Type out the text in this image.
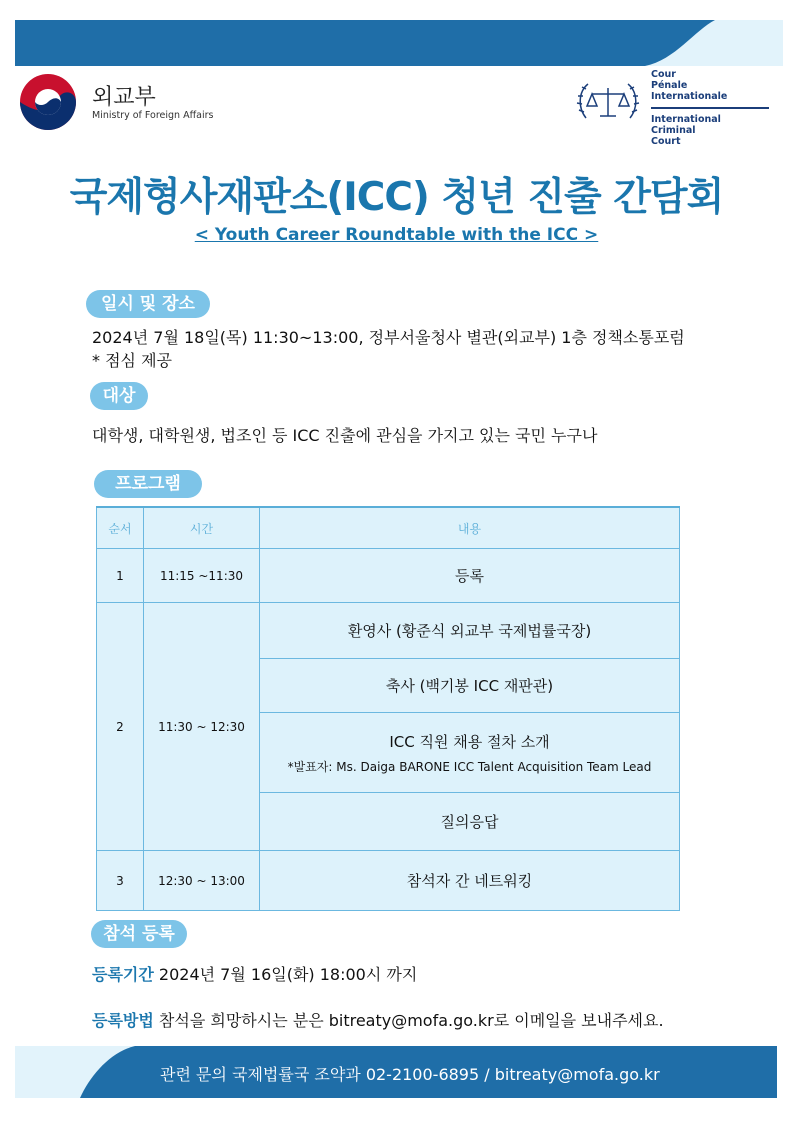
외교부
Ministry of Foreign Affairs
Cour
Pénale
Internationale
International
Criminal
Court
국제형사재판소(ICC) 청년 진출 간담회
< Youth Career Roundtable with the ICC >
일시 및 장소
2024년 7월 18일(목) 11:30~13:00, 정부서울청사 별관(외교부) 1층 정책소통포럼
* 점심 제공
대상
대학생, 대학원생, 법조인 등 ICC 진출에 관심을 가지고 있는 국민 누구나
프로그램
순서	시간	내용
1	11:15 ~11:30	등록
2	11:30 ~ 12:30	환영사 (황준식 외교부 국제법률국장)
		축사 (백기봉 ICC 재판관)
		ICC 직원 채용 절차 소개
*발표자: Ms. Daiga BARONE ICC Talent Acquisition Team Lead

		질의응답
3	12:30 ~ 13:00	참석자 간 네트워킹
참석 등록
등록기간 2024년 7월 16일(화) 18:00시 까지
등록방법 참석을 희망하시는 분은 bitreaty@mofa.go.kr로 이메일을 보내주세요.
관련 문의 국제법률국 조약과 02-2100-6895 / bitreaty@mofa.go.kr
